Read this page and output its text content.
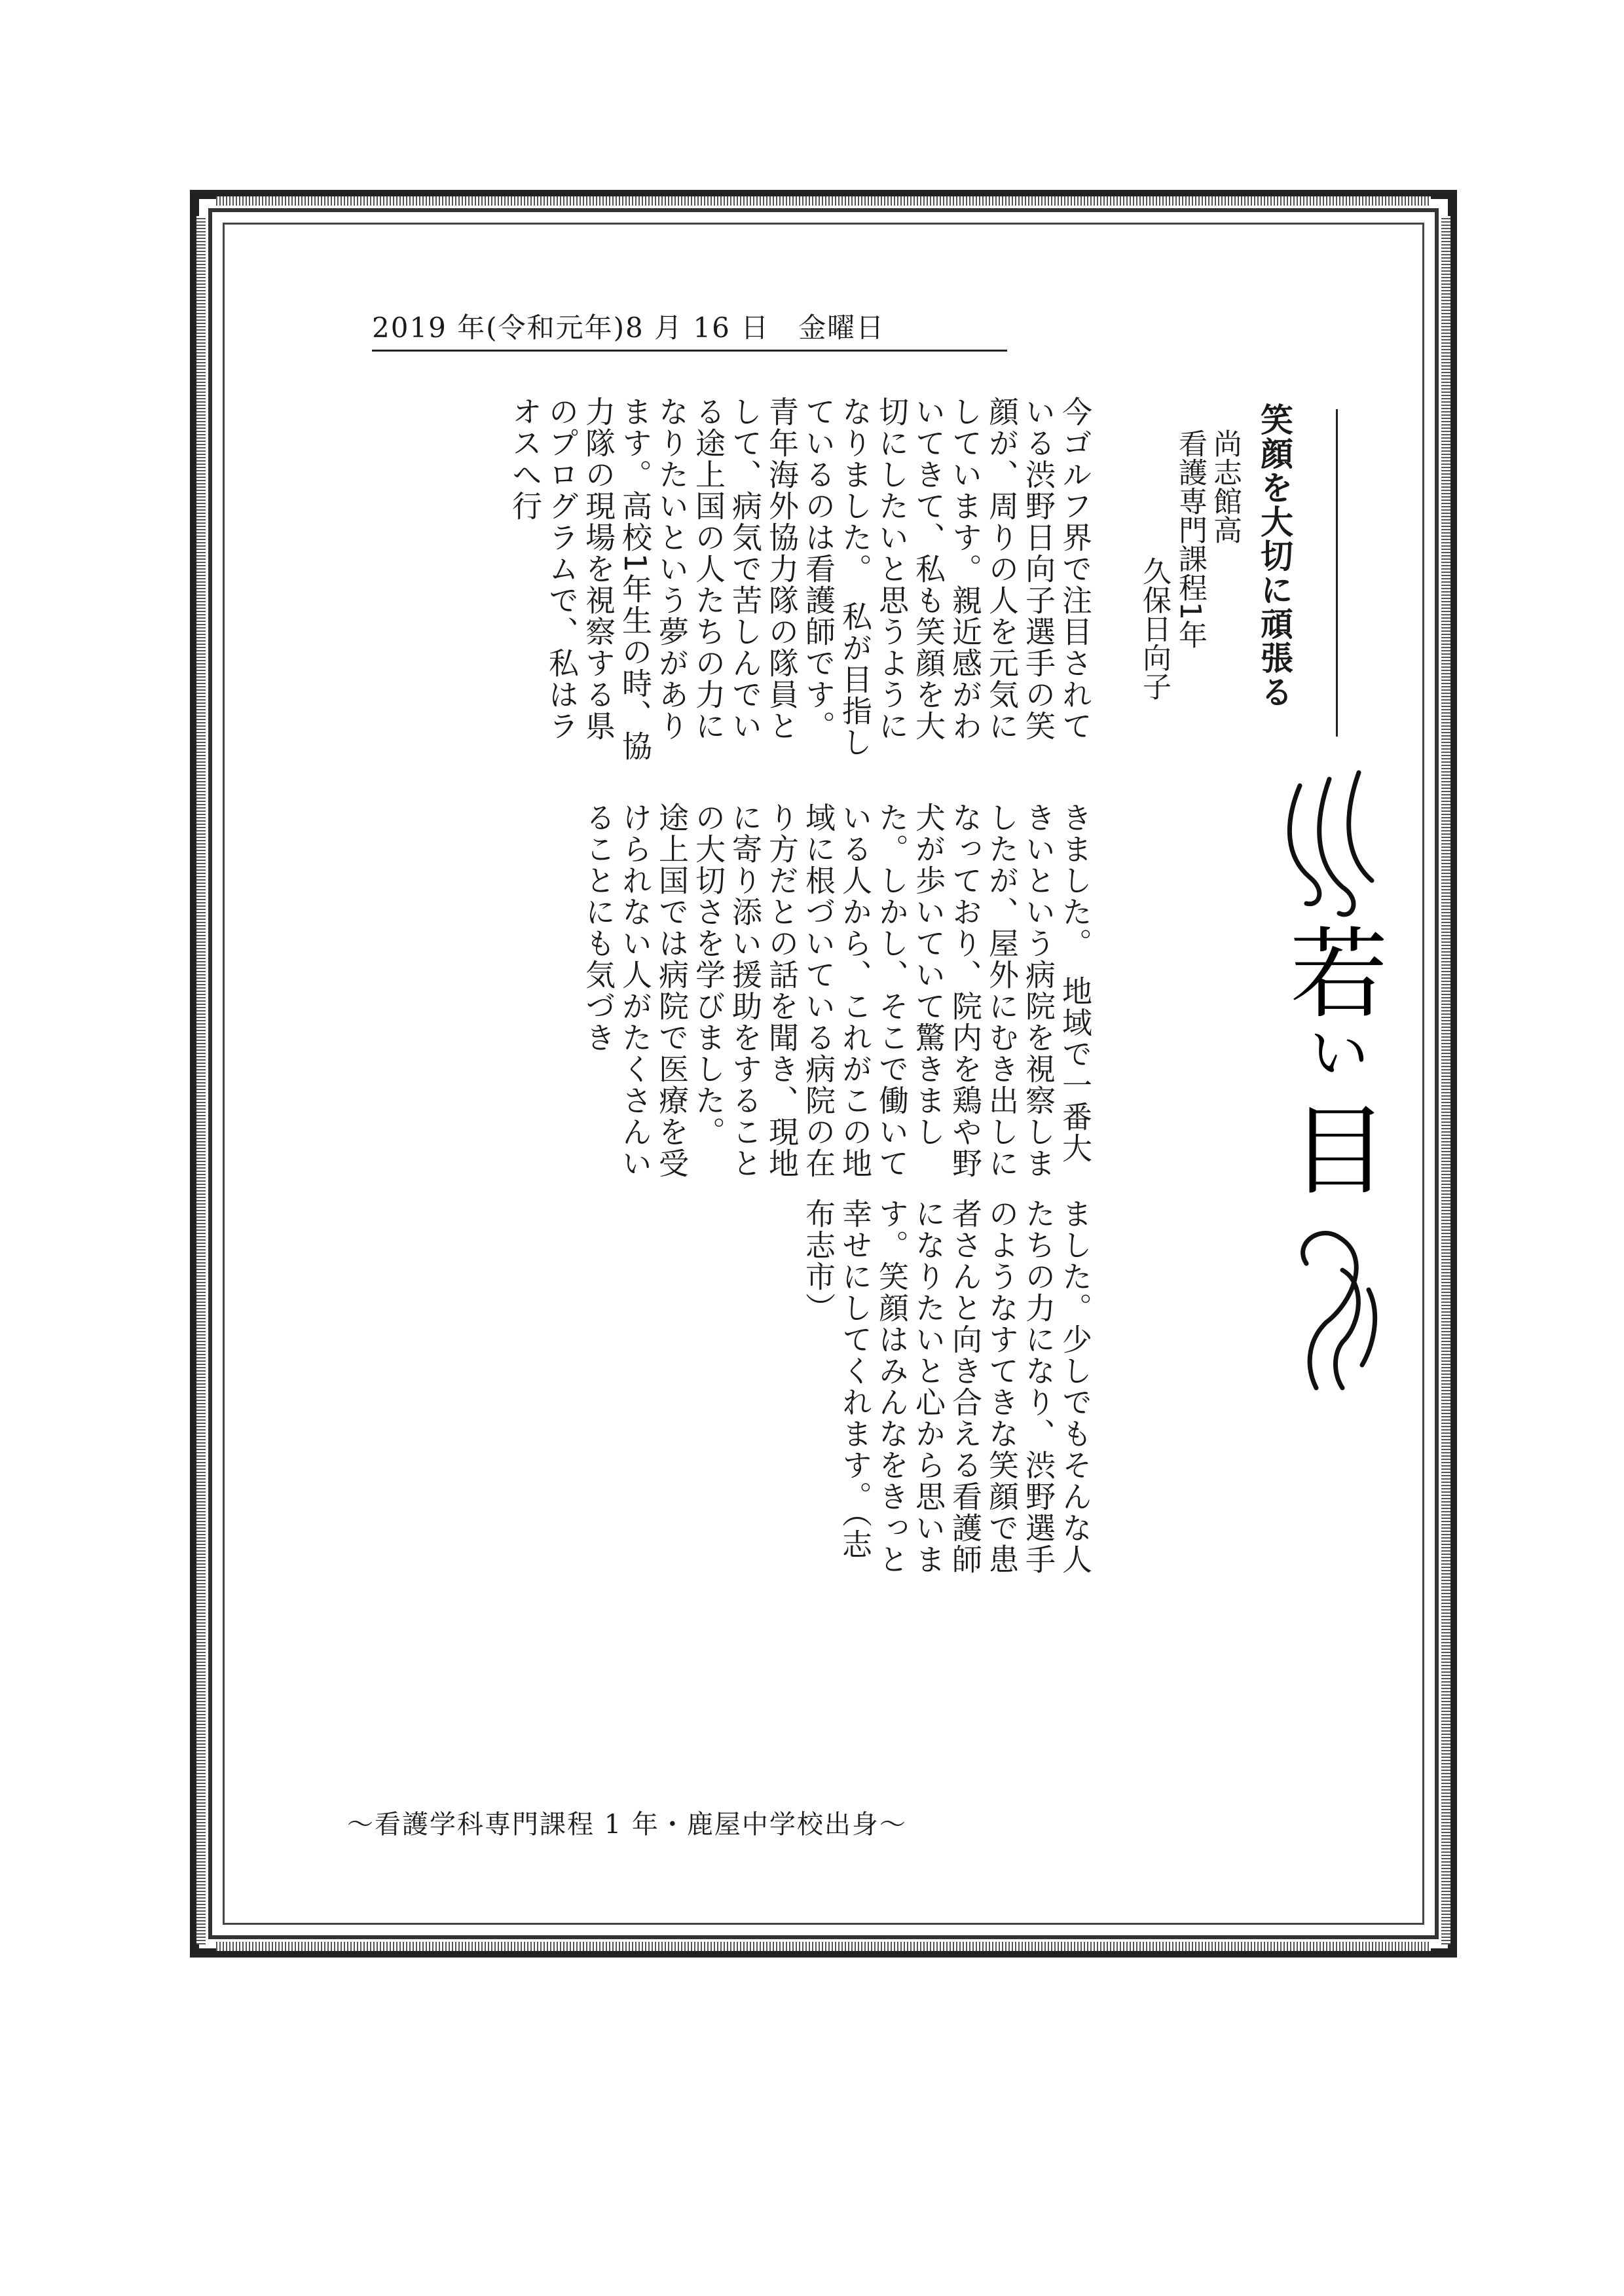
2019 年(令和元年)8 月 16 日　金曜日
笑顔を大切に頑張る
尚志館高
看護専門課程1年
久保日向子
今ゴルフ界で注目されている渋野日向子選手の笑顔が、周りの人を元気にしています。親近感がわいてきて、私も笑顔を大切にしたいと思うようになりました。　私が目指しているのは看護師です。青年海外協力隊の隊員として、病気で苦しんでいる途上国の人たちの力になりたいという夢があります。高校1年生の時、協力隊の現場を視察する県のプログラムで、私はラオスへ行
きました。　地域で一番大きいという病院を視察しましたが、屋外にむき出しになっており、院内を鶏や野犬が歩いていて驚きました。しかし、そこで働いている人から、これがこの地域に根づいている病院の在り方だとの話を聞き、現地に寄り添い援助をすることの大切さを学びました。　途上国では病院で医療を受けられない人がたくさんいることにも気づき
ました。少しでもそんな人たちの力になり、渋野選手のようなすてきな笑顔で患者さんと向き合える看護師になりたいと心から思います。笑顔はみんなをきっと幸せにしてくれます。（志布志市）
若
い
目
〜看護学科専門課程 1 年・鹿屋中学校出身〜
